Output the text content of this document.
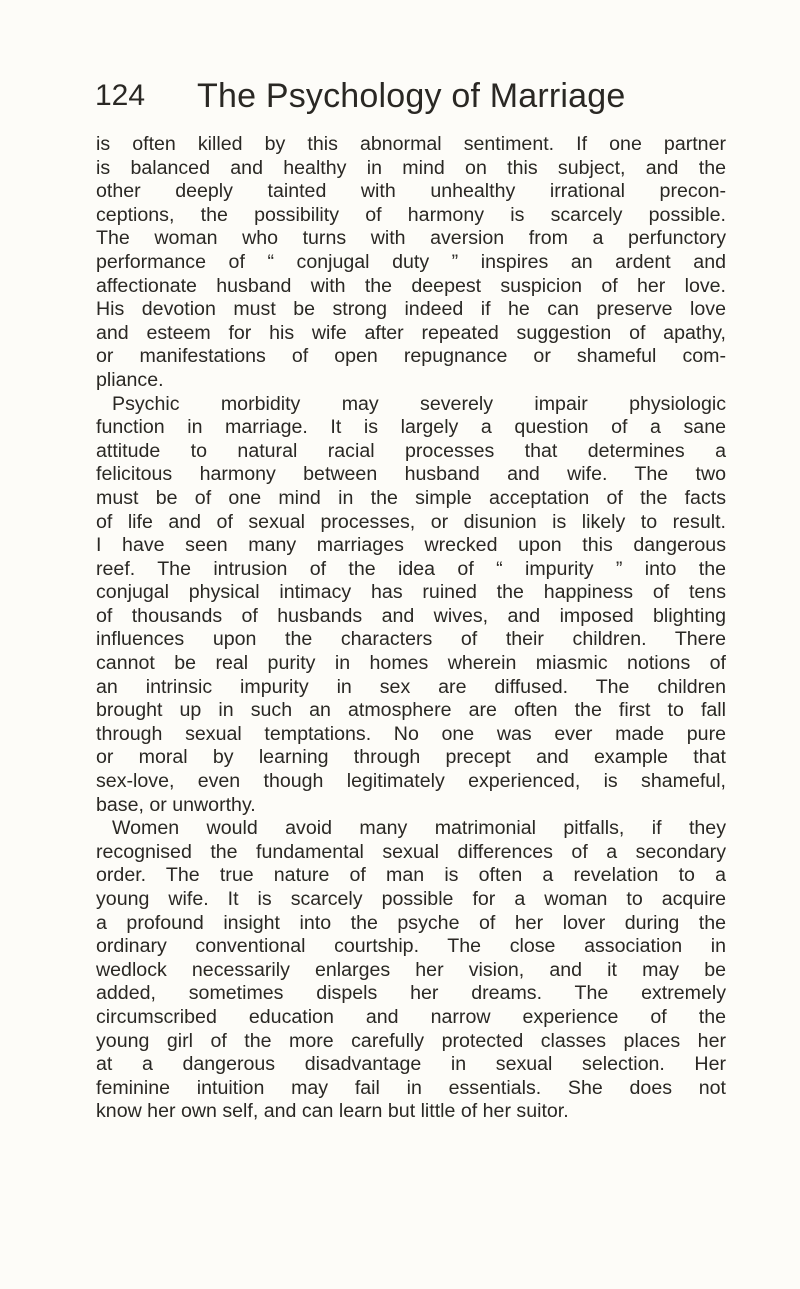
124 The Psychology of Marriage
is often killed by this abnormal sentiment. If one partner
is balanced and healthy in mind on this subject, and the
other deeply tainted with unhealthy irrational precon-
ceptions, the possibility of harmony is scarcely possible.
The woman who turns with aversion from a perfunctory
performance of “ conjugal duty ” inspires an ardent and
affectionate husband with the deepest suspicion of her love.
His devotion must be strong indeed if he can preserve love
and esteem for his wife after repeated suggestion of apathy,
or manifestations of open repugnance or shameful com-
pliance.
Psychic morbidity may severely impair physiologic
function in marriage. It is largely a question of a sane
attitude to natural racial processes that determines a
felicitous harmony between husband and wife. The two
must be of one mind in the simple acceptation of the facts
of life and of sexual processes, or disunion is likely to result.
I have seen many marriages wrecked upon this dangerous
reef. The intrusion of the idea of “ impurity ” into the
conjugal physical intimacy has ruined the happiness of tens
of thousands of husbands and wives, and imposed blighting
influences upon the characters of their children. There
cannot be real purity in homes wherein miasmic notions of
an intrinsic impurity in sex are diffused. The children
brought up in such an atmosphere are often the first to fall
through sexual temptations. No one was ever made pure
or moral by learning through precept and example that
sex-love, even though legitimately experienced, is shameful,
base, or unworthy.
Women would avoid many matrimonial pitfalls, if they
recognised the fundamental sexual differences of a secondary
order. The true nature of man is often a revelation to a
young wife. It is scarcely possible for a woman to acquire
a profound insight into the psyche of her lover during the
ordinary conventional courtship. The close association in
wedlock necessarily enlarges her vision, and it may be
added, sometimes dispels her dreams. The extremely
circumscribed education and narrow experience of the
young girl of the more carefully protected classes places her
at a dangerous disadvantage in sexual selection. Her
feminine intuition may fail in essentials. She does not
know her own self, and can learn but little of her suitor.
